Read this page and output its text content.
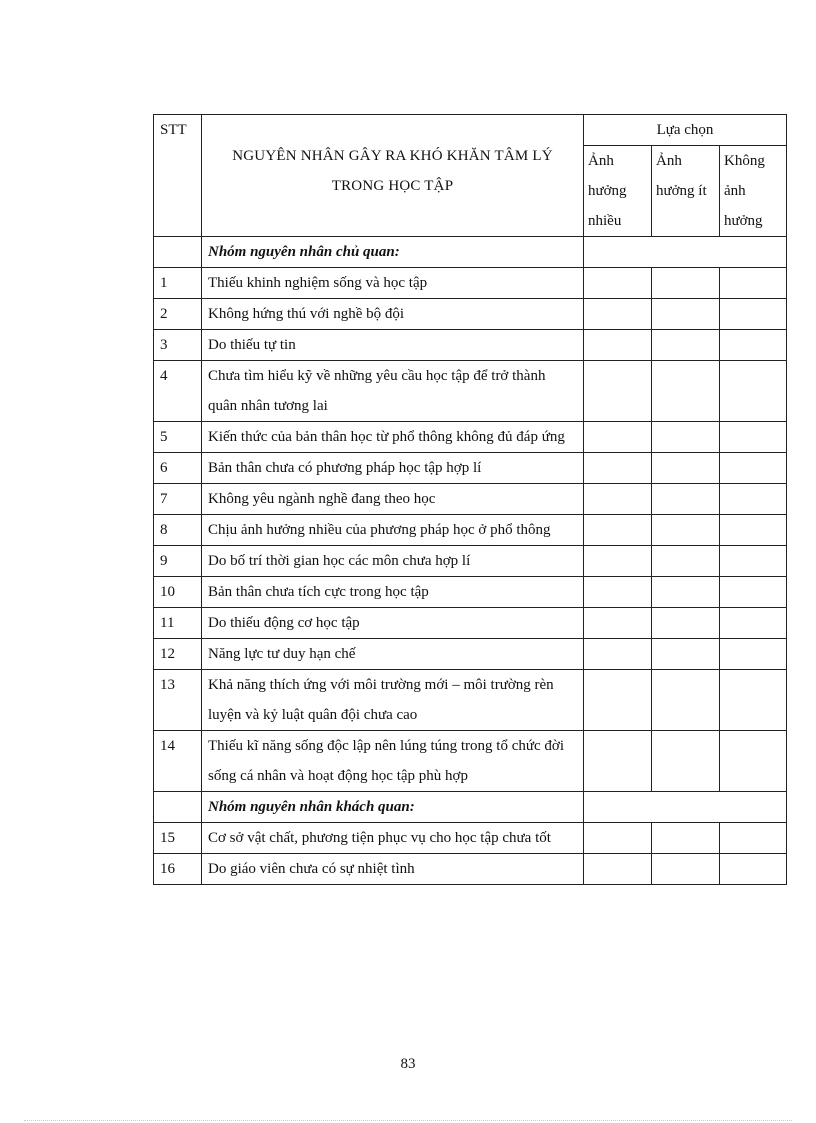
STT	NGUYÊN NHÂN GÂY RA KHÓ KHĂN TÂM LÝ TRONG HỌC TẬP	Lựa chọn		
		Ảnh hưởng nhiều	Ảnh hưởng ít	Không ảnh hưởng
	Nhóm nguyên nhân chủ quan:			
1	Thiếu khinh nghiệm sống và học tập			
2	Không hứng thú với nghề bộ đội			
3	Do thiếu tự tin			
4	Chưa tìm hiểu kỹ về những yêu cầu học tập để trở thành quân nhân tương lai			
5	Kiến thức của bản thân học từ phổ thông không đủ đáp ứng			
6	Bản thân chưa có phương pháp học tập hợp lí			
7	Không yêu ngành nghề đang theo học			
8	Chịu ảnh hưởng nhiều của phương pháp học ở phổ thông			
9	Do bố trí thời gian học các môn chưa hợp lí			
10	Bản thân chưa tích cực trong học tập			
11	Do thiếu động cơ học tập			
12	Năng lực tư duy hạn chế			
13	Khả năng thích ứng với môi trường mới – môi trường rèn luyện và kỷ luật quân đội chưa cao			
14	Thiếu kĩ năng sống độc lập nên lúng túng trong tổ chức đời sống cá nhân và hoạt động học tập phù hợp			
	Nhóm nguyên nhân khách quan:			
15	Cơ sở vật chất, phương tiện phục vụ cho học tập chưa tốt			
16	Do giáo viên chưa có sự nhiệt tình			
83
